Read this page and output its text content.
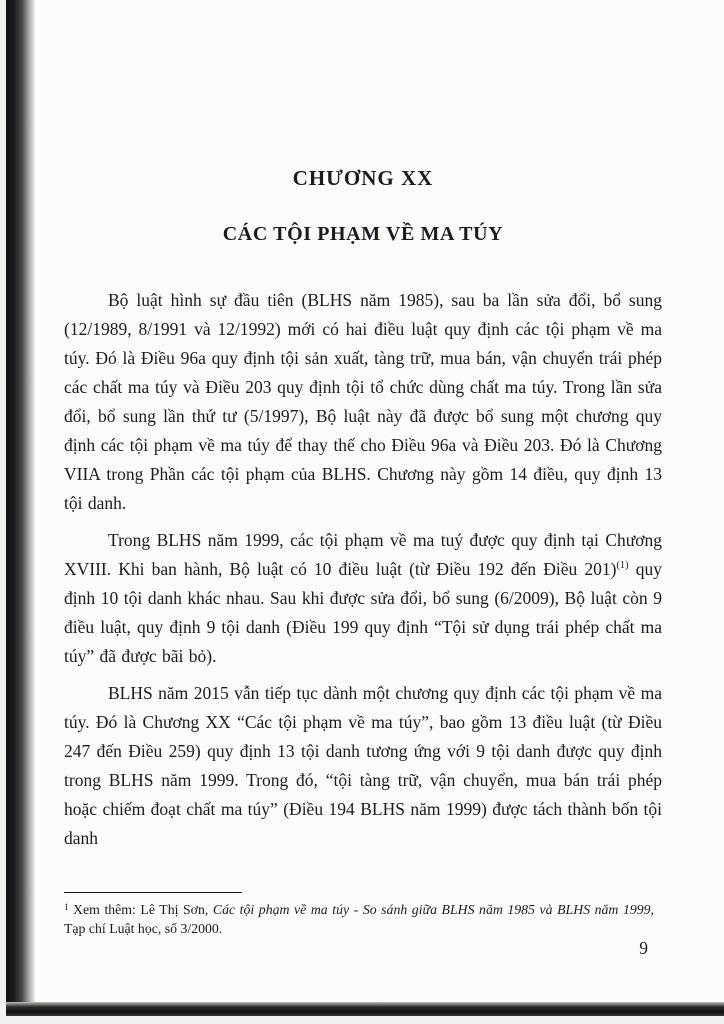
CHƯƠNG XX
CÁC TỘI PHẠM VỀ MA TÚY

Bộ luật hình sự đầu tiên (BLHS năm 1985), sau ba lần sửa đổi, bổ sung (12/1989, 8/1991 và 12/1992) mới có hai điều luật quy định các tội phạm về ma túy. Đó là Điều 96a quy định tội sản xuất, tàng trữ, mua bán, vận chuyển trái phép các chất ma túy và Điều 203 quy định tội tổ chức dùng chất ma túy. Trong lần sửa đổi, bổ sung lần thứ tư (5/1997), Bộ luật này đã được bổ sung một chương quy định các tội phạm về ma túy để thay thế cho Điều 96a và Điều 203. Đó là Chương VIIA trong Phần các tội phạm của BLHS. Chương này gồm 14 điều, quy định 13 tội danh.

Trong BLHS năm 1999, các tội phạm về ma tuý được quy định tại Chương XVIII. Khi ban hành, Bộ luật có 10 điều luật (từ Điều 192 đến Điều 201)$^{(1)}$ quy định 10 tội danh khác nhau. Sau khi được sửa đổi, bổ sung (6/2009), Bộ luật còn 9 điều luật, quy định 9 tội danh (Điều 199 quy định “Tội sử dụng trái phép chất ma túy” đã được bãi bỏ).

BLHS năm 2015 vẫn tiếp tục dành một chương quy định các tội phạm về ma túy. Đó là Chương XX “Các tội phạm về ma túy”, bao gồm 13 điều luật (từ Điều 247 đến Điều 259) quy định 13 tội danh tương ứng với 9 tội danh được quy định trong BLHS năm 1999. Trong đó, “tội tàng trữ, vận chuyển, mua bán trái phép hoặc chiếm đoạt chất ma túy” (Điều 194 BLHS năm 1999) được tách thành bốn tội danh

$^1$ Xem thêm: Lê Thị Sơn, Các tội phạm về ma túy - So sánh giữa BLHS năm 1985 và BLHS năm 1999, Tạp chí Luật học, số 3/2000.
9
